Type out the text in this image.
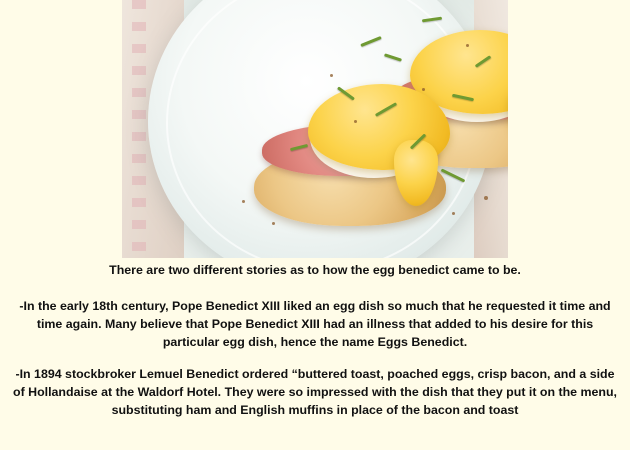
There are two different stories as to how the egg benedict came to be.

-In the early 18th century, Pope Benedict XIII liked an egg dish so much that he requested it time and time again. Many believe that Pope Benedict XIII had an illness that added to his desire for this particular egg dish, hence the name Eggs Benedict.

-In 1894 stockbroker Lemuel Benedict ordered “buttered toast, poached eggs, crisp bacon, and a side of Hollandaise at the Waldorf Hotel. They were so impressed with the dish that they put it on the menu, substituting ham and English muffins in place of the bacon and toast
